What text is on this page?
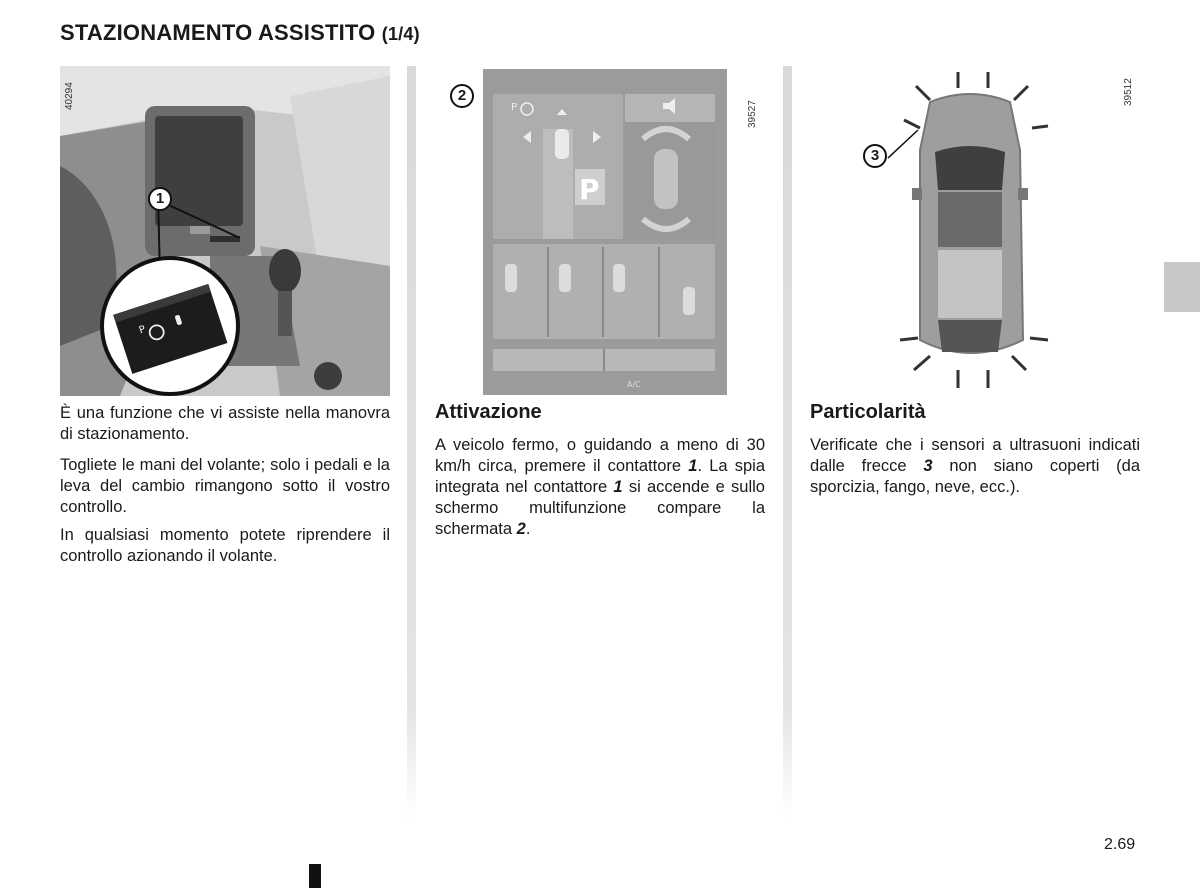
STAZIONAMENTO ASSISTITO (1/4)
P
40294
1	P
P
A/C
39527
2	39512
3

È una funzione che vi assiste nella manovra di stazionamento.

Togliete le mani del volante; solo i pedali e la leva del cambio rimangono sotto il vostro controllo.

In qualsiasi momento potete riprendere il controllo azionando il volante.

Attivazione

A veicolo fermo, o guidando a meno di 30 km/h circa, premere il contattore 1. La spia integrata nel contattore 1 si accende e sullo schermo multifunzione compare la schermata 2.

Particolarità

Verificate che i sensori a ultrasuoni indicati dalle frecce 3 non siano coperti (da sporcizia, fango, neve, ecc.).

2.69
